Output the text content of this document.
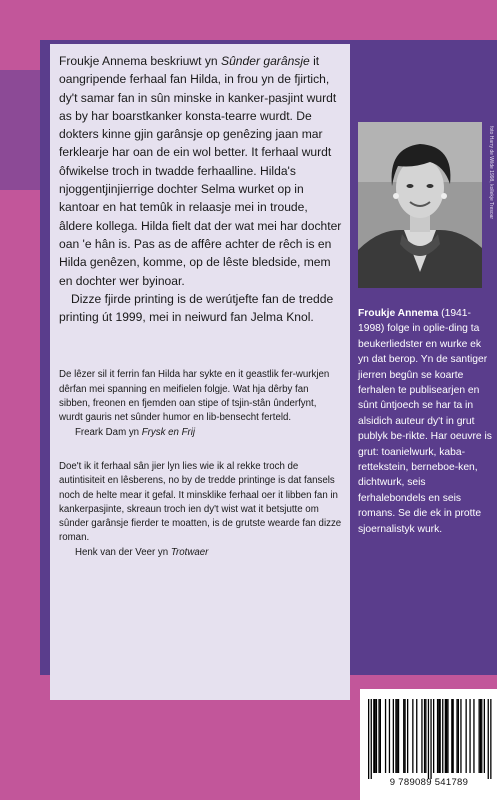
Froukje Annema beskriuwt yn Sûnder garânsje it oangripende ferhaal fan Hilda, in frou yn de fjirtich, dy't samar fan in sûn minske in kanker-pasjint wurdt as by har boarstkanker konsta-tearre wurdt. De dokters kinne gjin garânsje op genêzing jaan mar ferklearje har oan de ein wol better. It ferhaal wurdt ôfwikelse troch in twadde ferhaalline. Hilda's njoggentjinjierrige dochter Selma wurket op in kantoar en hat temûk in relaasje mei in troude, âldere kollega. Hilda fielt dat der wat mei har dochter oan 'e hân is. Pas as de affêre achter de rêch is en Hilda genêzen, komme, op de lêste bledside, mem en dochter wer byinoar.

Dizze fjirde printing is de werútjefte fan de tredde printing út 1999, mei in neiwurd fan Jelma Knol.

De lêzer sil it ferrin fan Hilda har sykte en it geastlik fer-wurkjen dêrfan mei spanning en meifielen folgje. Wat hja dêrby fan sibben, freonen en fjemden oan stipe of tsjin-stân ûnderfynt, wurdt gauris net sûnder humor en lib-bensecht ferteld.
Freark Dam yn Frysk en Frij

Doe't ik it ferhaal sân jier lyn lies wie ik al rekke troch de autintisiteit en lêsberens, no by de tredde printinge is dat fansels noch de helte mear it gefal. It minsklike ferhaal oer it libben fan in kankerpasjinte, skreaun troch ien dy't wist wat it betsjutte om sûnder garânsje fierder te moatten, is de grutste wearde fan dizze roman.
Henk van der Veer yn Trotwaer

foto Harry de Wilde 1998, kollekje Tresoar
Froukje Annema (1941-1998) folge in oplie-ding ta beukerliedster en wurke ek yn dat berop. Yn de santiger jierren begûn se koarte ferhalen te publisearjen en sûnt ûntjoech se har ta in alsidich auteur dy't in grut publyk be-rikte. Har oeuvre is grut: toanielwurk, kaba-rettekstein, berneboe-ken, dichtwurk, seis ferhalebondels en seis romans. Se die ek in protte sjoernalistyk wurk.
9 789089 541789
